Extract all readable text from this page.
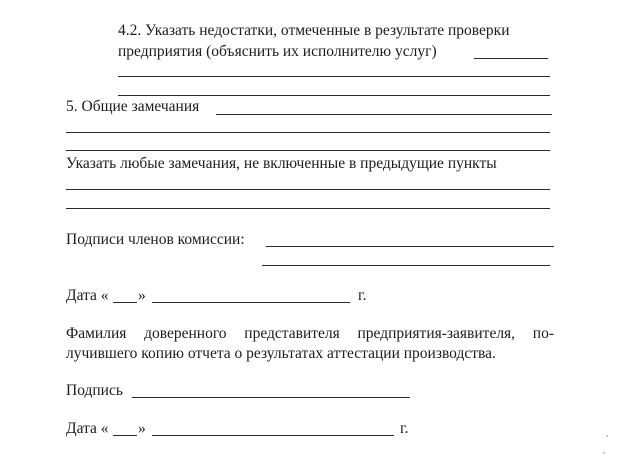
4.2. Указать недостатки, отмеченные в результате проверки
предприятия (объяснить их исполнителю услуг)
5. Общие замечания
Указать любые замечания, не включенные в предыдущие пункты
Подписи членов комиссии:
Дата « »	г.
Фамилия доверенного представителя предприятия-заявителя, по-
лучившего копию отчета о результатах аттестации производства.
Подпись
Дата « »	г.
